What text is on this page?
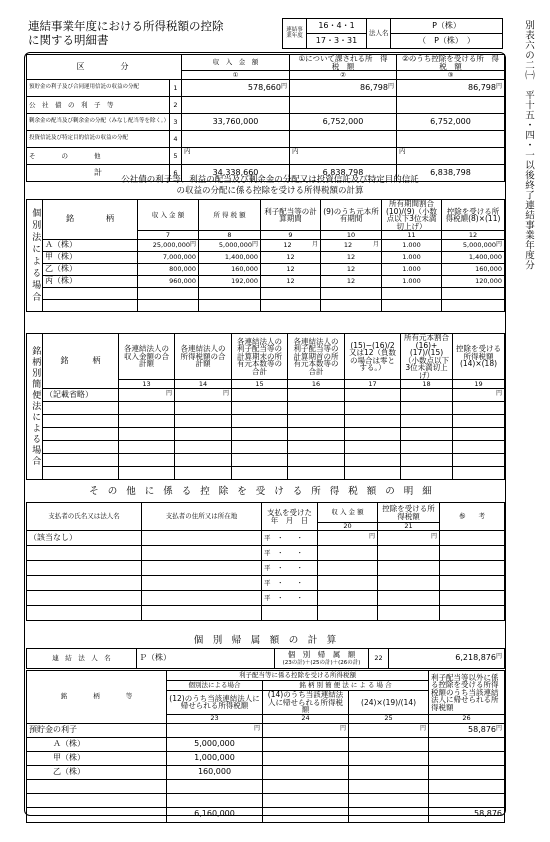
連結事業年度における所得税額の控除
に関する明細書	別表六の二㈠　平十五・四・一以後終了連結事業年度分
連結事業年度	16・4・1	法人名	P（株）
	17・3・31		（　P（株）　）
区　　　分		収　入　金　額	①について課される所　得　税　額	②のうち控除を受ける所　得　税　額
		①	②	③
預貯金の利子及び合同運用信託の収益の分配	1	$578,660^円$	$86,798^円$	$86,798^円$
公　社　債　の　利　子　等	2			
剰余金の配当及び剰余金の分配（みなし配当等を除く。）	3	33,760,000	6,752,000	6,752,000
投資信託及び特定目的信託の収益の分配	4			
そ　　　　の　　　　他	5	内	内	内
計	6	34,338,660	6,838,798	6,838,798
公社債の利子等、利益の配当及び剰余金の分配又は投資信託及び特定目的信託の収益の分配に係る控除を受ける所得税額の計算
個別法による場合	銘　　　　柄	収 入 金 額	所 得 税 額	利子配当等の計算期間	(9)のうち元本所有期間	所有期間割合(10)/(9)（小数点以下3位未満切上げ）	控除を受ける所得税額(8)×(11)
		7	8	9	10	11	12
	Ａ（株）	25,000,000円	5,000,000円	12 月	12 月	1.000	5,000,000円
	甲（株）	7,000,000	1,400,000	12	12	1.000	1,400,000
	乙（株）	800,000	160,000	12	12	1.000	160,000
	丙（株）	960,000	192,000	12	12	1.000	120,000

銘柄別簡便法による場合	銘　　　柄	各連結法人の収入金額の合計額	各連結法人の所得税額の合計額	各連結法人の利子配当等の計算期末の所有元本数等の合計	各連結法人の利子配当等の計算期首の所有元本数等の合計	(15)−(16)/2又は12（負数の場合は零とする。）	所有元本割合(16)+(17)/(15)（小数点以下3位未満切上げ）	控除を受ける所得税額(14)×(18)
		13	14	15	16	17	18	19
	（記載省略）	$^円$	$^円$					$^円$

その他に係る控除を受ける所得税額の明細
支払者の氏名又は法人名	支払者の住所又は所在地	支払を受けた年　月　日	収 入 金 額	控除を受ける所得税額	参　　考
			20	21	
（該当なし）		平　 ・　　・	$^円$	$^円$	
		平　 ・　　・			
		平　 ・　　・			
		平　 ・　　・			
		平　 ・　　・			

個　別　帰　属　額　の　計　算
連　結　法　人　名	Ｐ（株）	個　別　帰　属　額
(23の計)＋(25の計)＋(26の計)	22	$6,218,876^円$
銘　　　　柄　　　　等	利子配当等に係る控除を受ける所得税額			利子配当等以外に係る控除を受ける所得税額のうち当該連結法人に帰せられる所得税額
	個別法による場合	銘 柄 別 簡 便 法 に よ る 場 合		
	(12)のうち当該連結法人に帰せられる所得税額	(14)のうち当該連結法人に帰せられる所得税額	(24)×(19)/(14)	
	23	24	25	26
預貯金の利子	$^円$	$^円$	$^円$	$58,876^円$
Ａ（株）	5,000,000			
甲（株）	1,000,000			
乙（株）	160,000			

	6,160,000			58,876
